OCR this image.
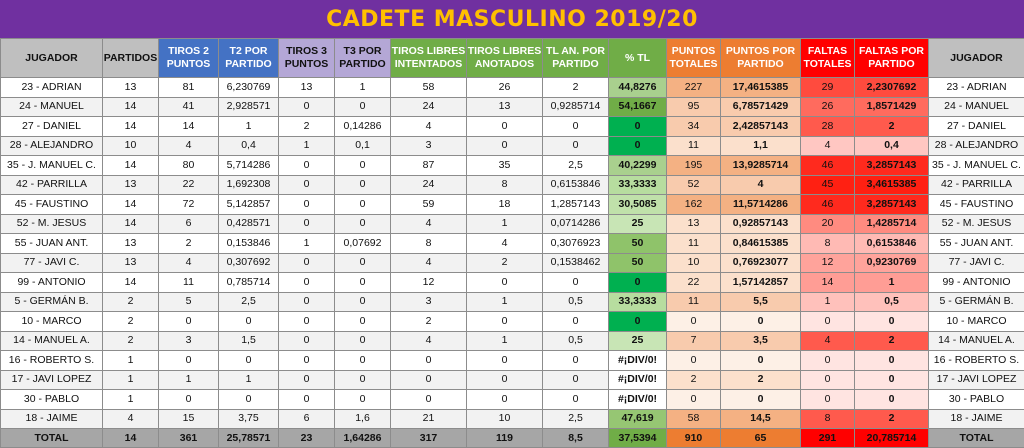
CADETE MASCULINO 2019/20
JUGADOR	PARTIDOS	TIROS 2 PUNTOS	T2 POR PARTIDO	TIROS 3 PUNTOS	T3 POR PARTIDO	TIROS LIBRES INTENTADOS	TIROS LIBRES ANOTADOS	TL AN. POR PARTIDO	% TL	PUNTOS TOTALES	PUNTOS POR PARTIDO	FALTAS TOTALES	FALTAS POR PARTIDO	JUGADOR
23 - ADRIAN	13	81	6,230769	13	1	58	26	2	44,8276	227	17,4615385	29	2,2307692	23 - ADRIAN
24 - MANUEL	14	41	2,928571	0	0	24	13	0,9285714	54,1667	95	6,78571429	26	1,8571429	24 - MANUEL
27 - DANIEL	14	14	1	2	0,14286	4	0	0	0	34	2,42857143	28	2	27 - DANIEL
28 - ALEJANDRO	10	4	0,4	1	0,1	3	0	0	0	11	1,1	4	0,4	28 - ALEJANDRO
35 - J. MANUEL C.	14	80	5,714286	0	0	87	35	2,5	40,2299	195	13,9285714	46	3,2857143	35 - J. MANUEL C.
42 - PARRILLA	13	22	1,692308	0	0	24	8	0,6153846	33,3333	52	4	45	3,4615385	42 - PARRILLA
45 - FAUSTINO	14	72	5,142857	0	0	59	18	1,2857143	30,5085	162	11,5714286	46	3,2857143	45 - FAUSTINO
52 - M. JESUS	14	6	0,428571	0	0	4	1	0,0714286	25	13	0,92857143	20	1,4285714	52 - M. JESUS
55 - JUAN ANT.	13	2	0,153846	1	0,07692	8	4	0,3076923	50	11	0,84615385	8	0,6153846	55 - JUAN ANT.
77 - JAVI C.	13	4	0,307692	0	0	4	2	0,1538462	50	10	0,76923077	12	0,9230769	77 - JAVI C.
99 - ANTONIO	14	11	0,785714	0	0	12	0	0	0	22	1,57142857	14	1	99 - ANTONIO
5 - GERMÁN B.	2	5	2,5	0	0	3	1	0,5	33,3333	11	5,5	1	0,5	5 - GERMÁN B.
10 - MARCO	2	0	0	0	0	2	0	0	0	0	0	0	0	10 - MARCO
14 - MANUEL A.	2	3	1,5	0	0	4	1	0,5	25	7	3,5	4	2	14 - MANUEL A.
16 - ROBERTO S.	1	0	0	0	0	0	0	0	#¡DIV/0!	0	0	0	0	16 - ROBERTO S.
17 - JAVI LOPEZ	1	1	1	0	0	0	0	0	#¡DIV/0!	2	2	0	0	17 - JAVI LOPEZ
30 - PABLO	1	0	0	0	0	0	0	0	#¡DIV/0!	0	0	0	0	30 - PABLO
18 - JAIME	4	15	3,75	6	1,6	21	10	2,5	47,619	58	14,5	8	2	18 - JAIME
TOTAL	14	361	25,78571	23	1,64286	317	119	8,5	37,5394	910	65	291	20,785714	TOTAL
